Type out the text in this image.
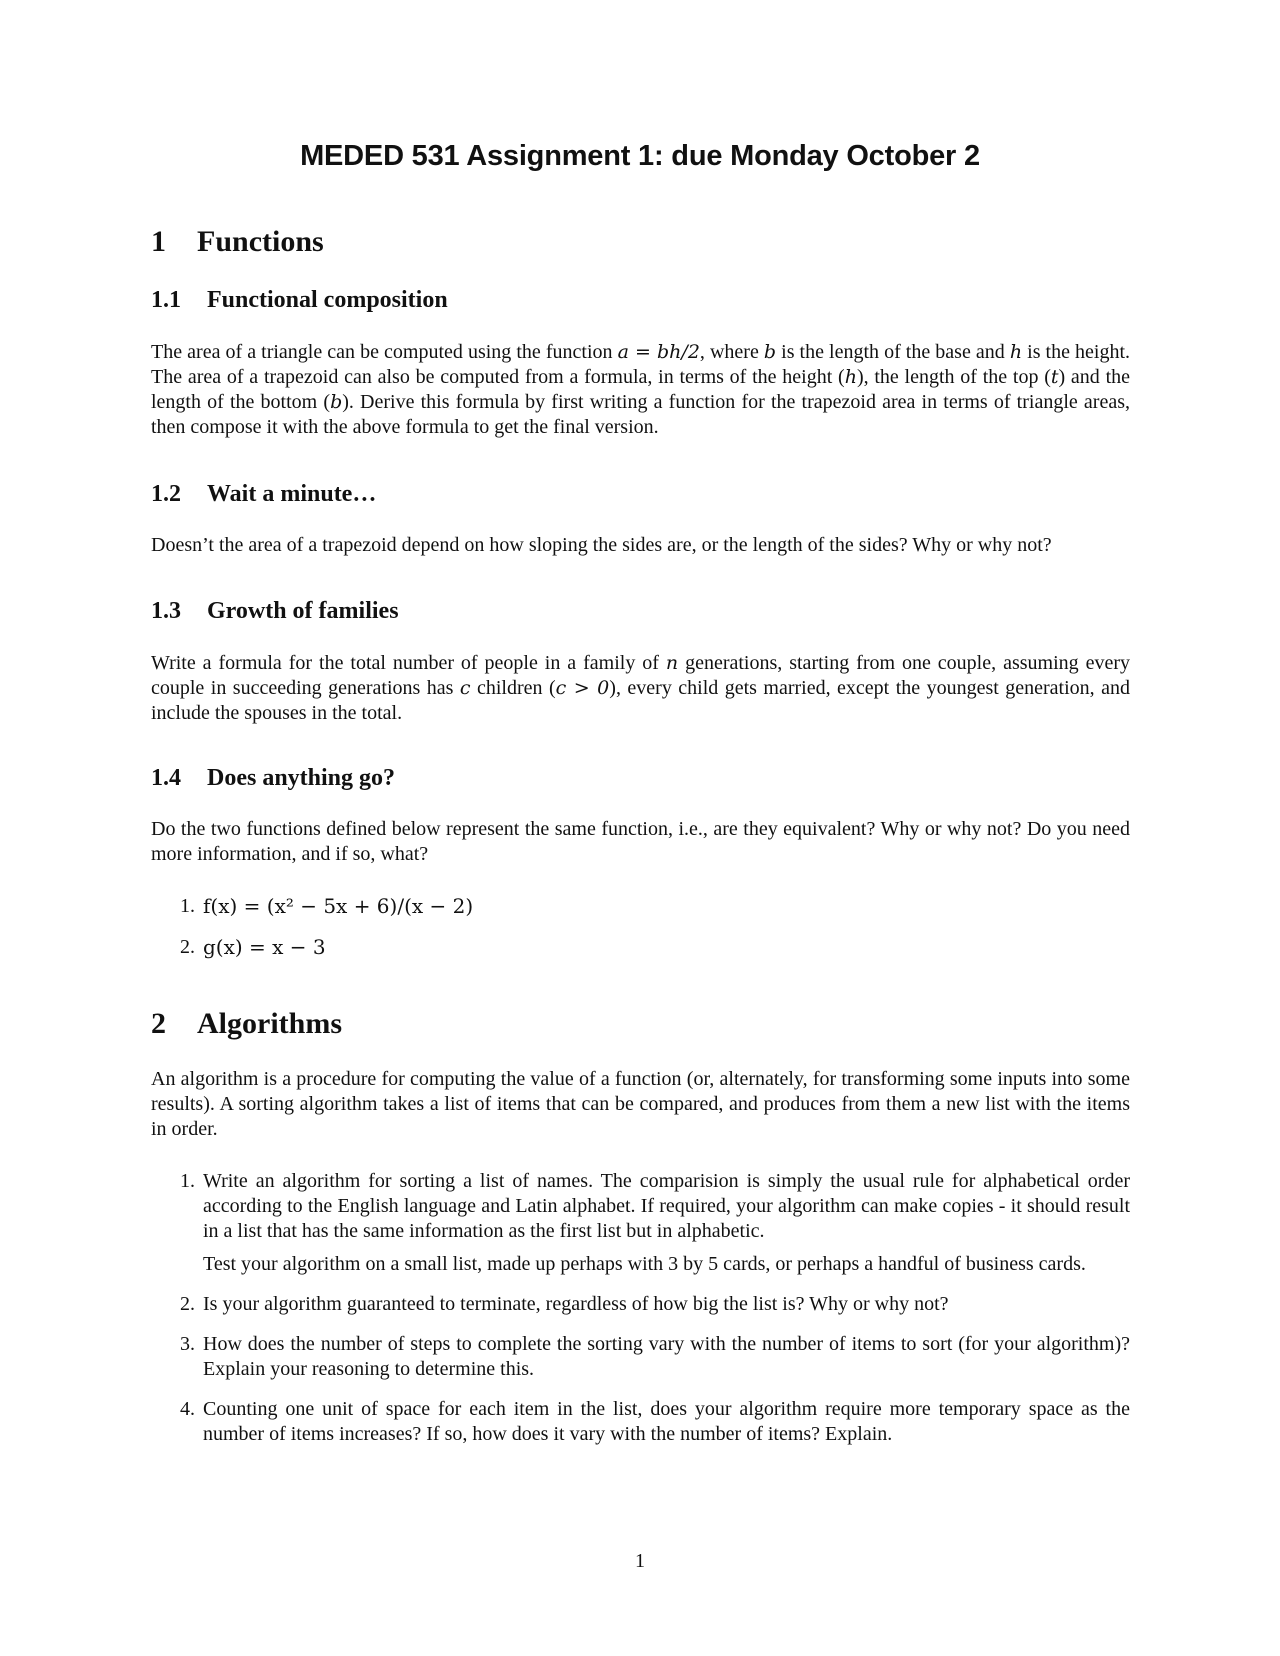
MEDED 531 Assignment 1: due Monday October 2
1	Functions
1.1	Functional composition

The area of a triangle can be computed using the function a = bh/2, where b is the length of the base and h is the height. The area of a trapezoid can also be computed from a formula, in terms of the height (h), the length of the top (t) and the length of the bottom (b). Derive this formula by first writing a function for the trapezoid area in terms of triangle areas, then compose it with the above formula to get the final version.

1.2	Wait a minute…

Doesn’t the area of a trapezoid depend on how sloping the sides are, or the length of the sides? Why or why not?

1.3	Growth of families

Write a formula for the total number of people in a family of n generations, starting from one couple, assuming every couple in succeeding generations has c children (c > 0), every child gets married, except the youngest generation, and include the spouses in the total.

1.4	Does anything go?

Do the two functions defined below represent the same function, i.e., are they equivalent? Why or why not? Do you need more information, and if so, what?

1. f(x) = (x² − 5x + 6)/(x − 2)
2. g(x) = x − 3
2	Algorithms

An algorithm is a procedure for computing the value of a function (or, alternately, for transforming some inputs into some results). A sorting algorithm takes a list of items that can be compared, and produces from them a new list with the items in order.

1. Write an algorithm for sorting a list of names. The comparision is simply the usual rule for alphabetical order according to the English language and Latin alphabet. If required, your algorithm can make copies - it should result in a list that has the same information as the first list but in alphabetic.

Test your algorithm on a small list, made up perhaps with 3 by 5 cards, or perhaps a handful of business cards.

2. Is your algorithm guaranteed to terminate, regardless of how big the list is? Why or why not?

3. How does the number of steps to complete the sorting vary with the number of items to sort (for your algorithm)? Explain your reasoning to determine this.

4. Counting one unit of space for each item in the list, does your algorithm require more temporary space as the number of items increases? If so, how does it vary with the number of items? Explain.

1
